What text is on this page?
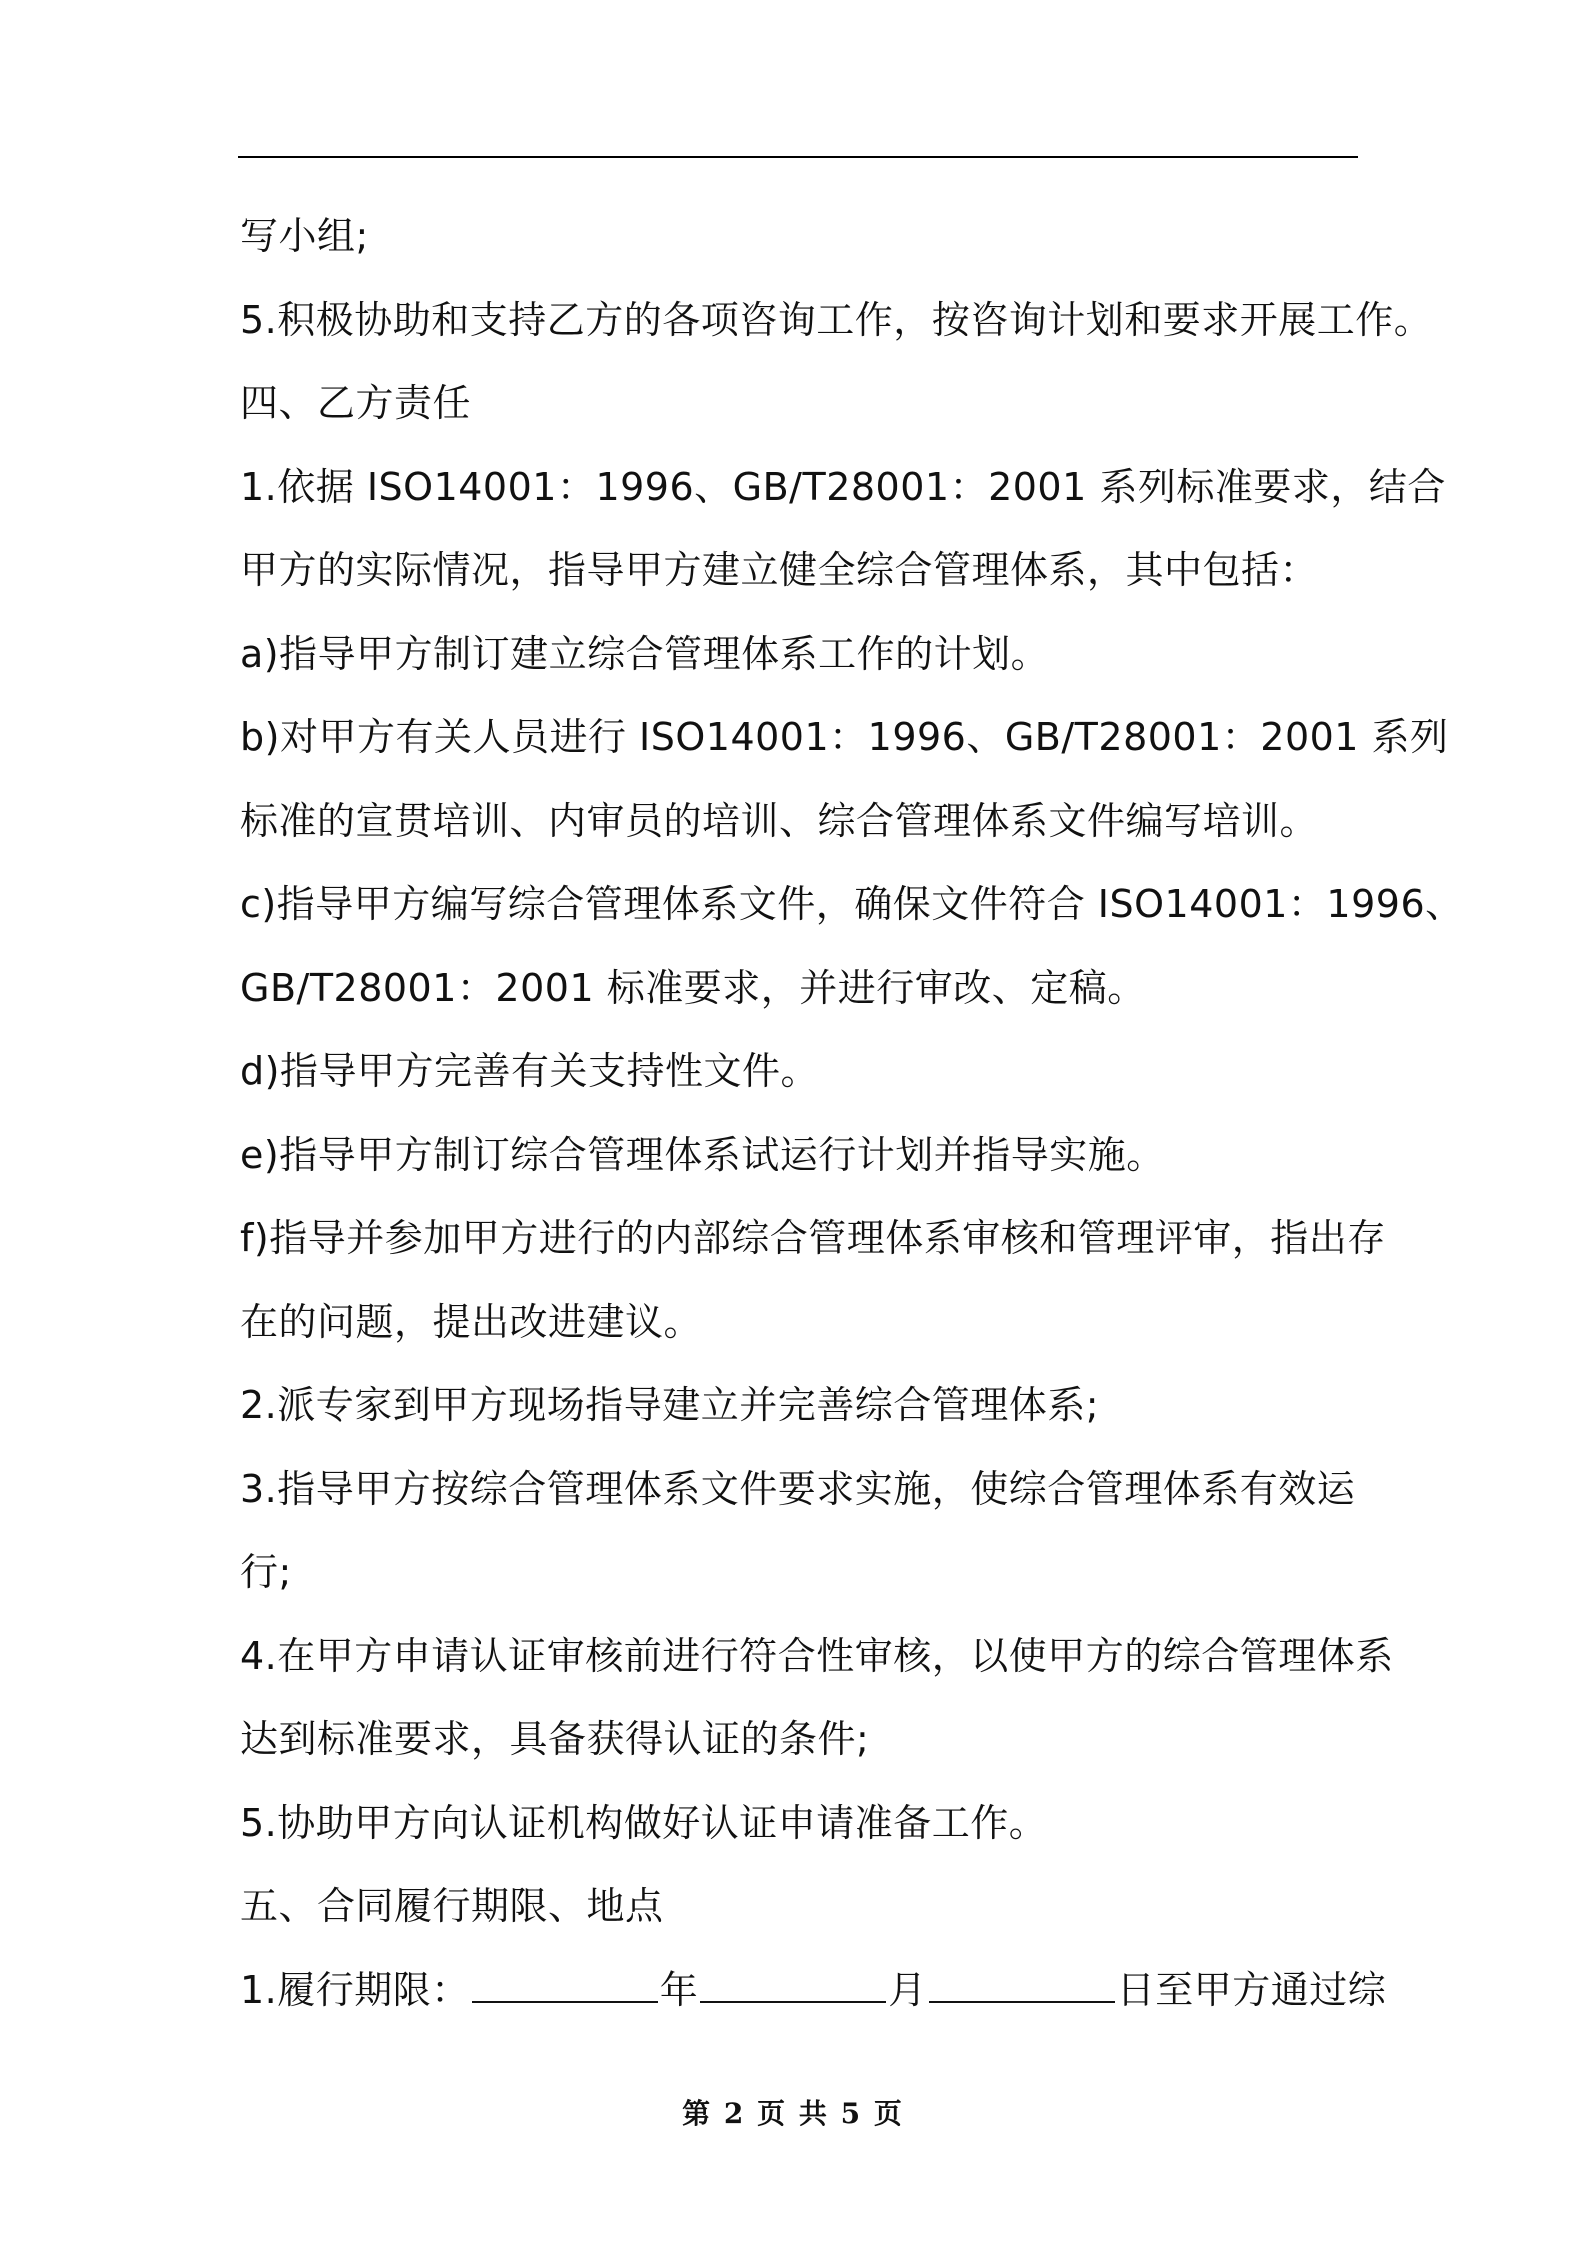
写小组;
5.积极协助和支持乙方的各项咨询工作，按咨询计划和要求开展工作。
四、乙方责任
1.依据 ISO14001：1996、GB/T28001：2001 系列标准要求，结合
甲方的实际情况，指导甲方建立健全综合管理体系，其中包括：
a)指导甲方制订建立综合管理体系工作的计划。
b)对甲方有关人员进行 ISO14001：1996、GB/T28001：2001 系列
标准的宣贯培训、内审员的培训、综合管理体系文件编写培训。
c)指导甲方编写综合管理体系文件，确保文件符合 ISO14001：1996、
GB/T28001：2001 标准要求，并进行审改、定稿。
d)指导甲方完善有关支持性文件。
e)指导甲方制订综合管理体系试运行计划并指导实施。
f)指导并参加甲方进行的内部综合管理体系审核和管理评审，指出存
在的问题，提出改进建议。
2.派专家到甲方现场指导建立并完善综合管理体系;
3.指导甲方按综合管理体系文件要求实施，使综合管理体系有效运
行;
4.在甲方申请认证审核前进行符合性审核，以使甲方的综合管理体系
达到标准要求，具备获得认证的条件;
5.协助甲方向认证机构做好认证申请准备工作。
五、合同履行期限、地点
1.履行期限：	年	月	日至甲方通过综
第 2 页 共 5 页
